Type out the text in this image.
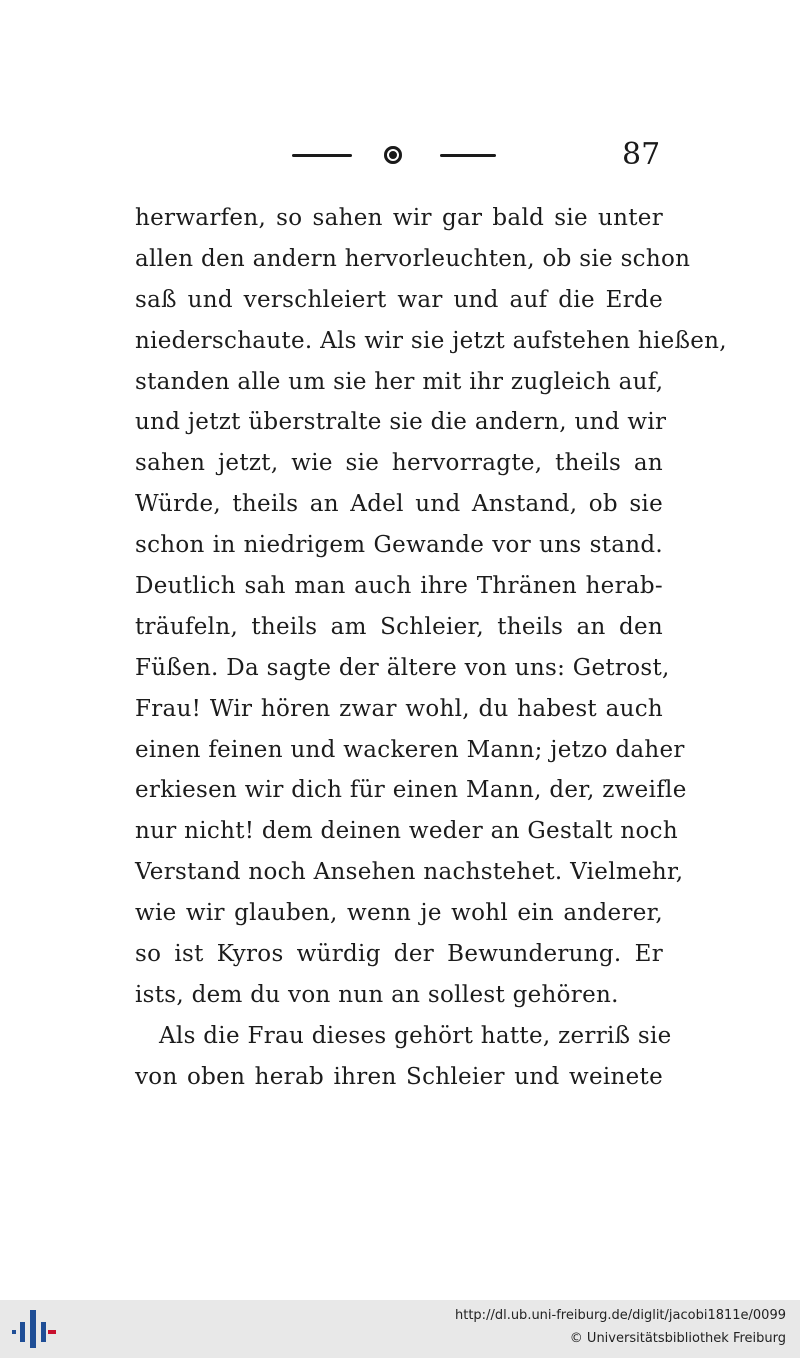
87
herwarfen, so sahen wir gar bald sie unter
allen den andern hervorleuchten, ob sie schon
saß und verschleiert war und auf die Erde
niederschaute. Als wir sie jetzt aufstehen hießen,
standen alle um sie her mit ihr zugleich auf,
und jetzt überstralte sie die andern, und wir
sahen jetzt, wie sie hervorragte, theils an
Würde, theils an Adel und Anstand, ob sie
schon in niedrigem Gewande vor uns stand.
Deutlich sah man auch ihre Thränen herab-
träufeln, theils am Schleier, theils an den
Füßen. Da sagte der ältere von uns: Getrost,
Frau! Wir hören zwar wohl, du habest auch
einen feinen und wackeren Mann; jetzo daher
erkiesen wir dich für einen Mann, der, zweifle
nur nicht! dem deinen weder an Gestalt noch
Verstand noch Ansehen nachstehet. Vielmehr,
wie wir glauben, wenn je wohl ein anderer,
so ist Kyros würdig der Bewunderung. Er
ists, dem du von nun an sollest gehören.
Als die Frau dieses gehört hatte, zerriß sie
von oben herab ihren Schleier und weinete
http://dl.ub.uni-freiburg.de/diglit/jacobi1811e/0099
© Universitätsbibliothek Freiburg
